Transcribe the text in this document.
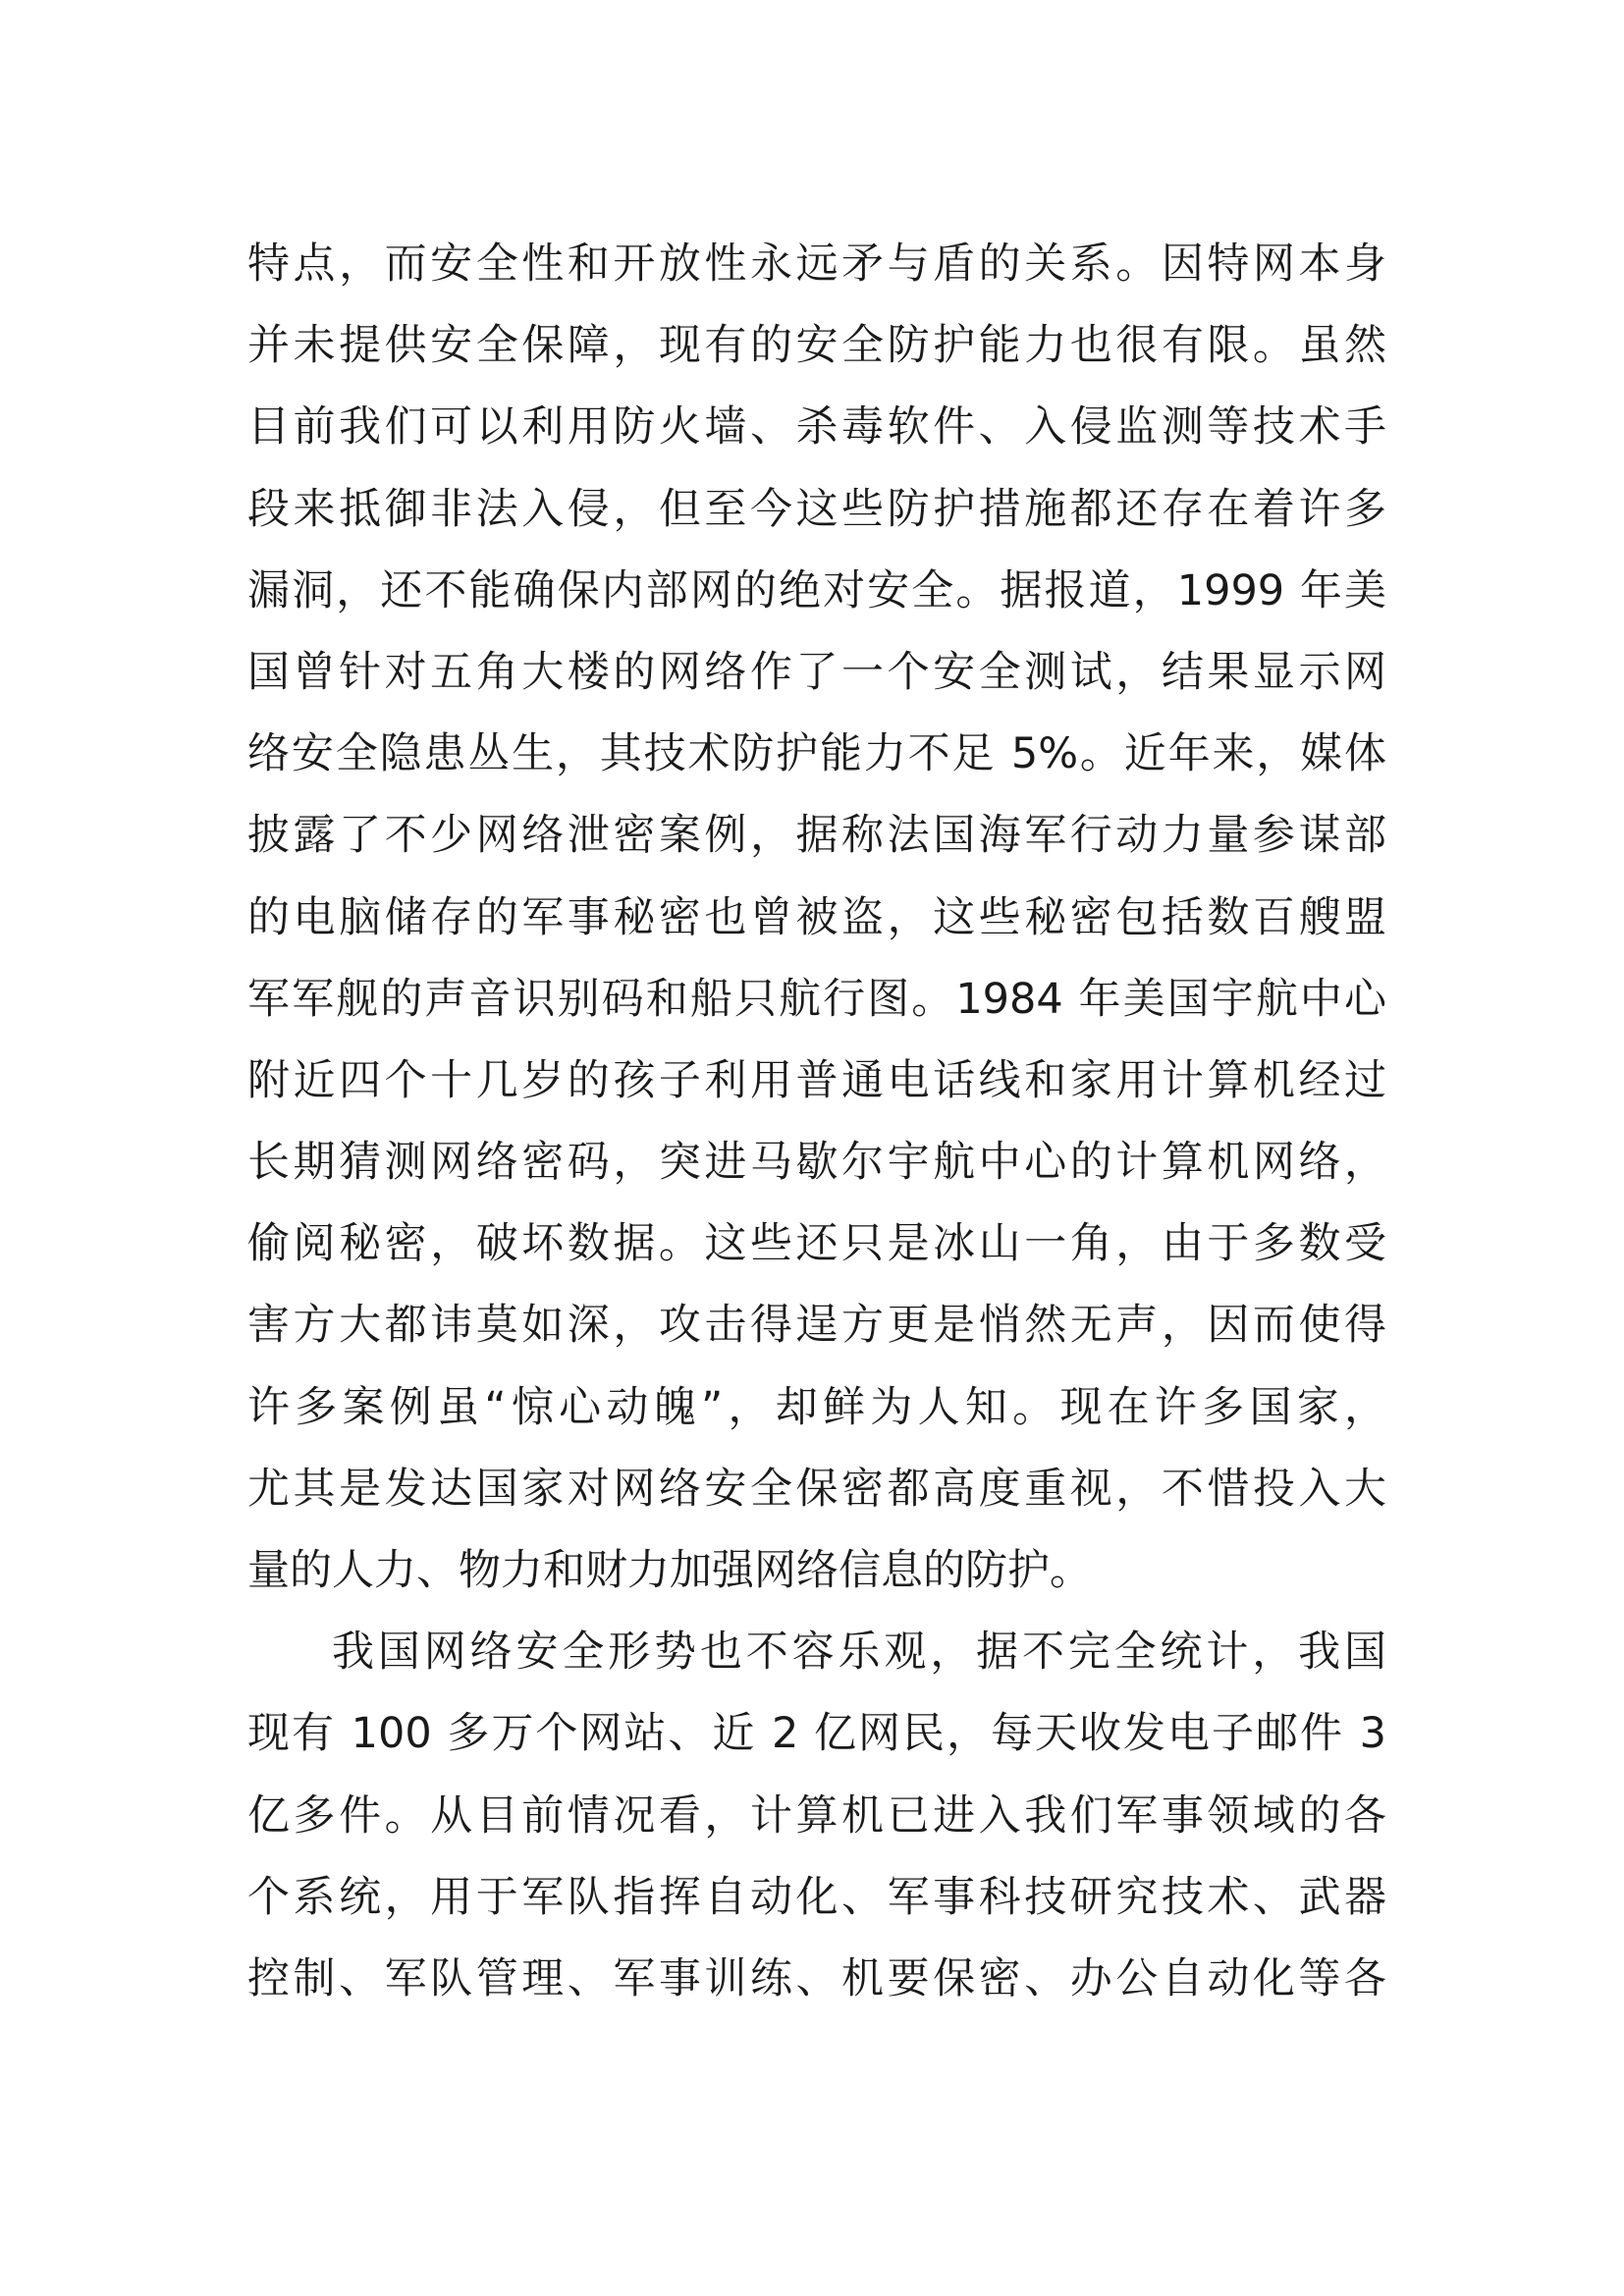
特点，而安全性和开放性永远矛与盾的关系。因特网本身
并未提供安全保障，现有的安全防护能力也很有限。虽然
目前我们可以利用防火墙、杀毒软件、入侵监测等技术手
段来抵御非法入侵，但至今这些防护措施都还存在着许多
漏洞，还不能确保内部网的绝对安全。据报道，1999 年美
国曾针对五角大楼的网络作了一个安全测试，结果显示网
络安全隐患丛生，其技术防护能力不足 5%。近年来，媒体
披露了不少网络泄密案例，据称法国海军行动力量参谋部
的电脑储存的军事秘密也曾被盗，这些秘密包括数百艘盟
军军舰的声音识别码和船只航行图。1984 年美国宇航中心
附近四个十几岁的孩子利用普通电话线和家用计算机经过
长期猜测网络密码，突进马歇尔宇航中心的计算机网络，
偷阅秘密，破坏数据。这些还只是冰山一角，由于多数受
害方大都讳莫如深，攻击得逞方更是悄然无声，因而使得
许多案例虽“惊心动魄”，却鲜为人知。现在许多国家，
尤其是发达国家对网络安全保密都高度重视，不惜投入大
量的人力、物力和财力加强网络信息的防护。
我国网络安全形势也不容乐观，据不完全统计，我国
现有 100 多万个网站、近 2 亿网民，每天收发电子邮件 3
亿多件。从目前情况看，计算机已进入我们军事领域的各
个系统，用于军队指挥自动化、军事科技研究技术、武器
控制、军队管理、军事训练、机要保密、办公自动化等各
